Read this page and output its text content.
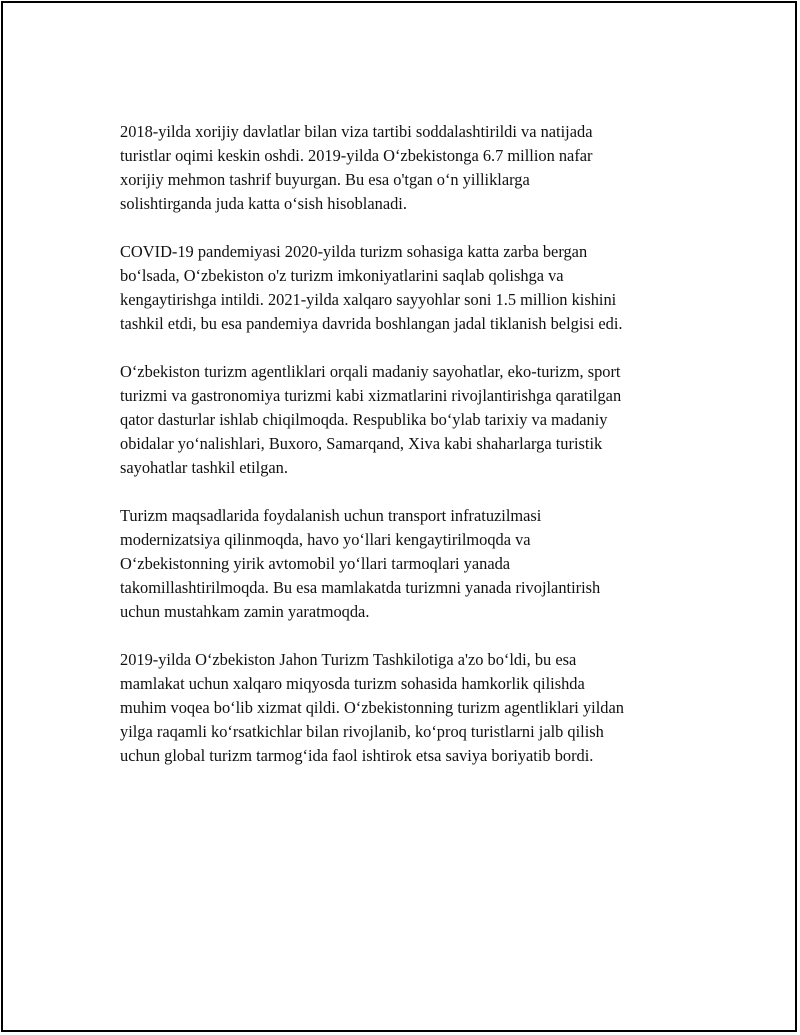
2018-yilda xorijiy davlatlar bilan viza tartibi soddalashtirildi va natijada
turistlar oqimi keskin oshdi. 2019-yilda O‘zbekistonga 6.7 million nafar
xorijiy mehmon tashrif buyurgan. Bu esa o'tgan o‘n yilliklarga
solishtirganda juda katta o‘sish hisoblanadi.

COVID-19 pandemiyasi 2020-yilda turizm sohasiga katta zarba bergan
bo‘lsada, O‘zbekiston o'z turizm imkoniyatlarini saqlab qolishga va
kengaytirishga intildi. 2021-yilda xalqaro sayyohlar soni 1.5 million kishini
tashkil etdi, bu esa pandemiya davrida boshlangan jadal tiklanish belgisi edi.

O‘zbekiston turizm agentliklari orqali madaniy sayohatlar, eko-turizm, sport
turizmi va gastronomiya turizmi kabi xizmatlarini rivojlantirishga qaratilgan
qator dasturlar ishlab chiqilmoqda. Respublika bo‘ylab tarixiy va madaniy
obidalar yo‘nalishlari, Buxoro, Samarqand, Xiva kabi shaharlarga turistik
sayohatlar tashkil etilgan.

Turizm maqsadlarida foydalanish uchun transport infratuzilmasi
modernizatsiya qilinmoqda, havo yo‘llari kengaytirilmoqda va
O‘zbekistonning yirik avtomobil yo‘llari tarmoqlari yanada
takomillashtirilmoqda. Bu esa mamlakatda turizmni yanada rivojlantirish
uchun mustahkam zamin yaratmoqda.

2019-yilda O‘zbekiston Jahon Turizm Tashkilotiga a'zo bo‘ldi, bu esa
mamlakat uchun xalqaro miqyosda turizm sohasida hamkorlik qilishda
muhim voqea bo‘lib xizmat qildi. O‘zbekistonning turizm agentliklari yildan
yilga raqamli ko‘rsatkichlar bilan rivojlanib, ko‘proq turistlarni jalb qilish
uchun global turizm tarmog‘ida faol ishtirok etsa saviya boriyatib bordi.
